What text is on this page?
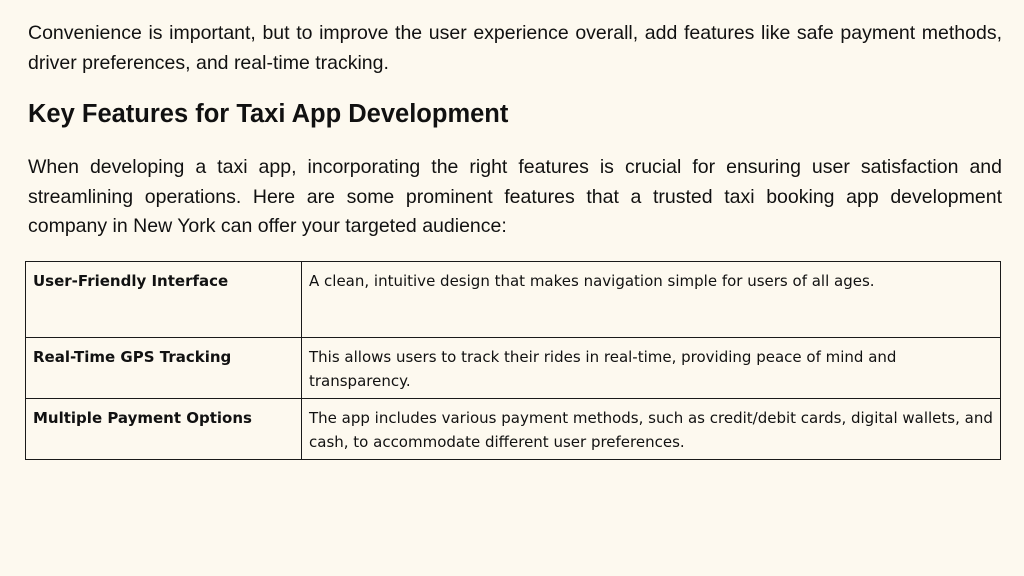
Convenience is important, but to improve the user experience overall, add features like safe payment methods, driver preferences, and real-time tracking.

Key Features for Taxi App Development

When developing a taxi app, incorporating the right features is crucial for ensuring user satisfaction and streamlining operations. Here are some prominent features that a trusted taxi booking app development company in New York can offer your targeted audience:

User-Friendly Interface	A clean, intuitive design that makes navigation simple for users of all ages.
Real-Time GPS Tracking	This allows users to track their rides in real-time, providing peace of mind and transparency.
Multiple Payment Options	The app includes various payment methods, such as credit/debit cards, digital wallets, and cash, to accommodate different user preferences.
